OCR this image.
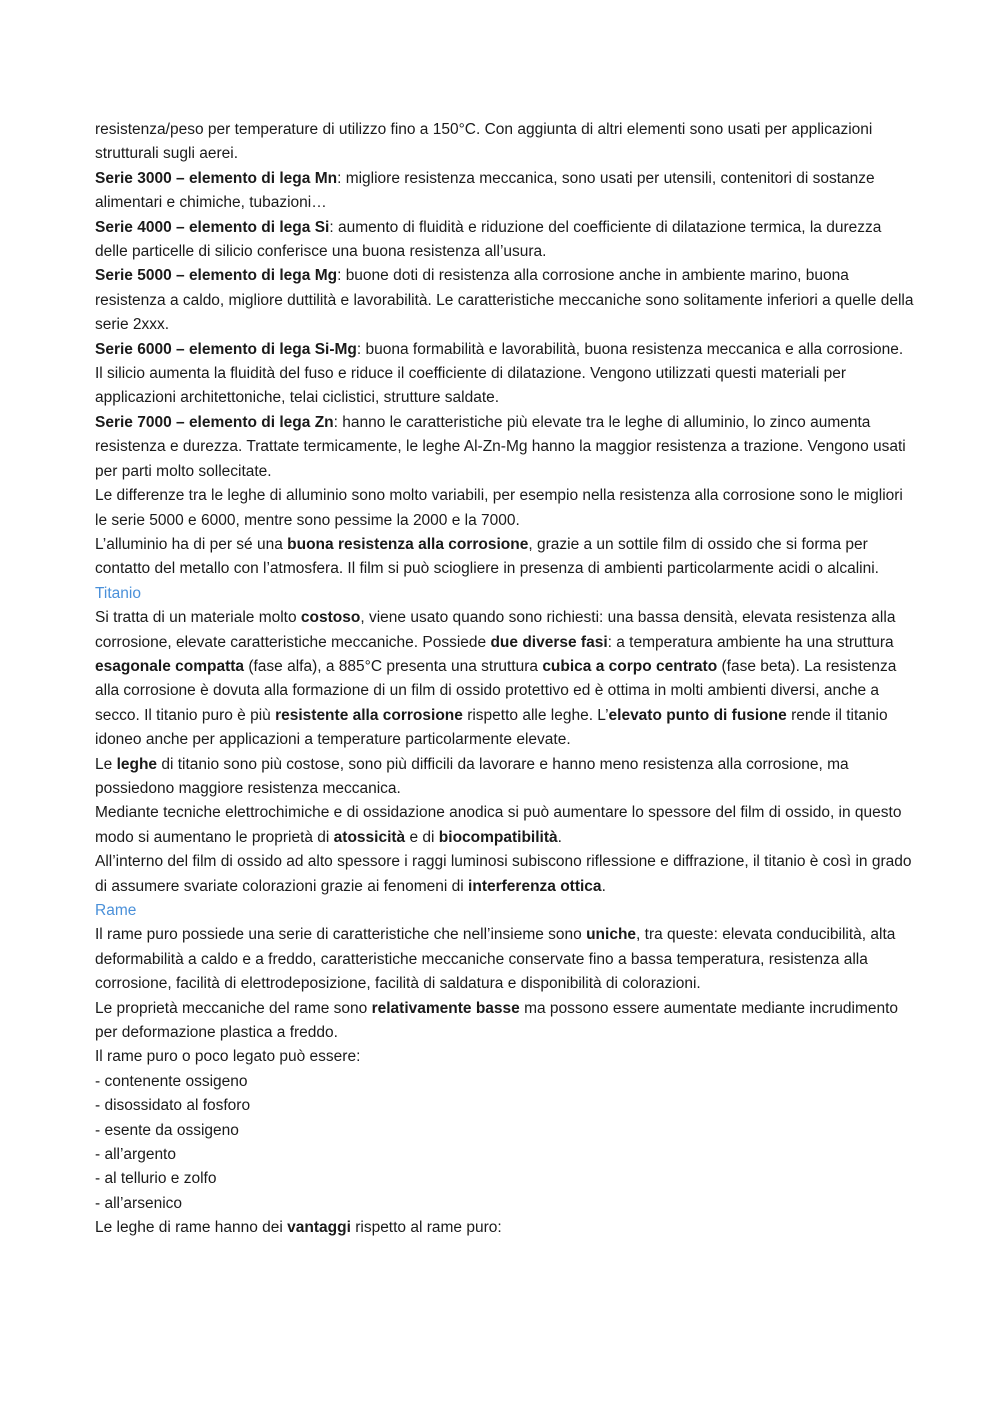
resistenza/peso per temperature di utilizzo fino a 150°C. Con aggiunta di altri elementi sono usati per applicazioni strutturali sugli aerei.

Serie 3000 – elemento di lega Mn: migliore resistenza meccanica, sono usati per utensili, contenitori di sostanze alimentari e chimiche, tubazioni…

Serie 4000 – elemento di lega Si: aumento di fluidità e riduzione del coefficiente di dilatazione termica, la durezza delle particelle di silicio conferisce una buona resistenza all’usura.

Serie 5000 – elemento di lega Mg: buone doti di resistenza alla corrosione anche in ambiente marino, buona resistenza a caldo, migliore duttilità e lavorabilità. Le caratteristiche meccaniche sono solitamente inferiori a quelle della serie 2xxx.

Serie 6000 – elemento di lega Si-Mg: buona formabilità e lavorabilità, buona resistenza meccanica e alla corrosione. Il silicio aumenta la fluidità del fuso e riduce il coefficiente di dilatazione. Vengono utilizzati questi materiali per applicazioni architettoniche, telai ciclistici, strutture saldate.

Serie 7000 – elemento di lega Zn: hanno le caratteristiche più elevate tra le leghe di alluminio, lo zinco aumenta resistenza e durezza. Trattate termicamente, le leghe Al-Zn-Mg hanno la maggior resistenza a trazione. Vengono usati per parti molto sollecitate.

Le differenze tra le leghe di alluminio sono molto variabili, per esempio nella resistenza alla corrosione sono le migliori le serie 5000 e 6000, mentre sono pessime la 2000 e la 7000.

L’alluminio ha di per sé una buona resistenza alla corrosione, grazie a un sottile film di ossido che si forma per contatto del metallo con l’atmosfera. Il film si può sciogliere in presenza di ambienti particolarmente acidi o alcalini.

Titanio

Si tratta di un materiale molto costoso, viene usato quando sono richiesti: una bassa densità, elevata resistenza alla corrosione, elevate caratteristiche meccaniche. Possiede due diverse fasi: a temperatura ambiente ha una struttura esagonale compatta (fase alfa), a 885°C presenta una struttura cubica a corpo centrato (fase beta). La resistenza alla corrosione è dovuta alla formazione di un film di ossido protettivo ed è ottima in molti ambienti diversi, anche a secco. Il titanio puro è più resistente alla corrosione rispetto alle leghe. L’elevato punto di fusione rende il titanio idoneo anche per applicazioni a temperature particolarmente elevate.

Le leghe di titanio sono più costose, sono più difficili da lavorare e hanno meno resistenza alla corrosione, ma possiedono maggiore resistenza meccanica.

Mediante tecniche elettrochimiche e di ossidazione anodica si può aumentare lo spessore del film di ossido, in questo modo si aumentano le proprietà di atossicità e di biocompatibilità.

All’interno del film di ossido ad alto spessore i raggi luminosi subiscono riflessione e diffrazione, il titanio è così in grado di assumere svariate colorazioni grazie ai fenomeni di interferenza ottica.

Rame

Il rame puro possiede una serie di caratteristiche che nell’insieme sono uniche, tra queste: elevata conducibilità, alta deformabilità a caldo e a freddo, caratteristiche meccaniche conservate fino a bassa temperatura, resistenza alla corrosione, facilità di elettrodeposizione, facilità di saldatura e disponibilità di colorazioni.

Le proprietà meccaniche del rame sono relativamente basse ma possono essere aumentate mediante incrudimento per deformazione plastica a freddo.

Il rame puro o poco legato può essere:

- contenente ossigeno

- disossidato al fosforo

- esente da ossigeno

- all’argento

- al tellurio e zolfo

- all’arsenico

Le leghe di rame hanno dei vantaggi rispetto al rame puro:
